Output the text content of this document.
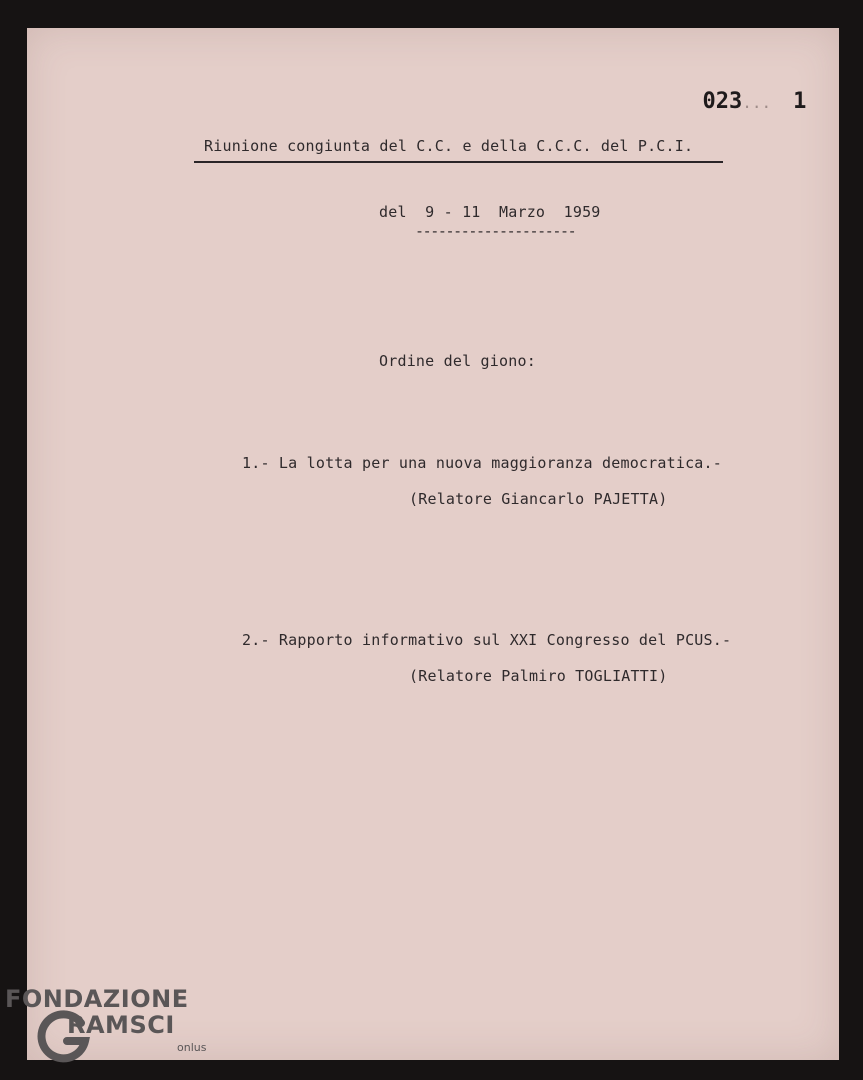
023... 1

Riunione congiunta del C.C. e della C.C.C. del P.C.I.
del  9 - 11  Marzo  1959
---------------------
Ordine del giono:
1.- La lotta per una nuova maggioranza democratica.-
(Relatore Giancarlo PAJETTA)
2.- Rapporto informativo sul XXI Congresso del PCUS.-
(Relatore Palmiro TOGLIATTI)
FONDAZIONE
RAMSCI
onlus
